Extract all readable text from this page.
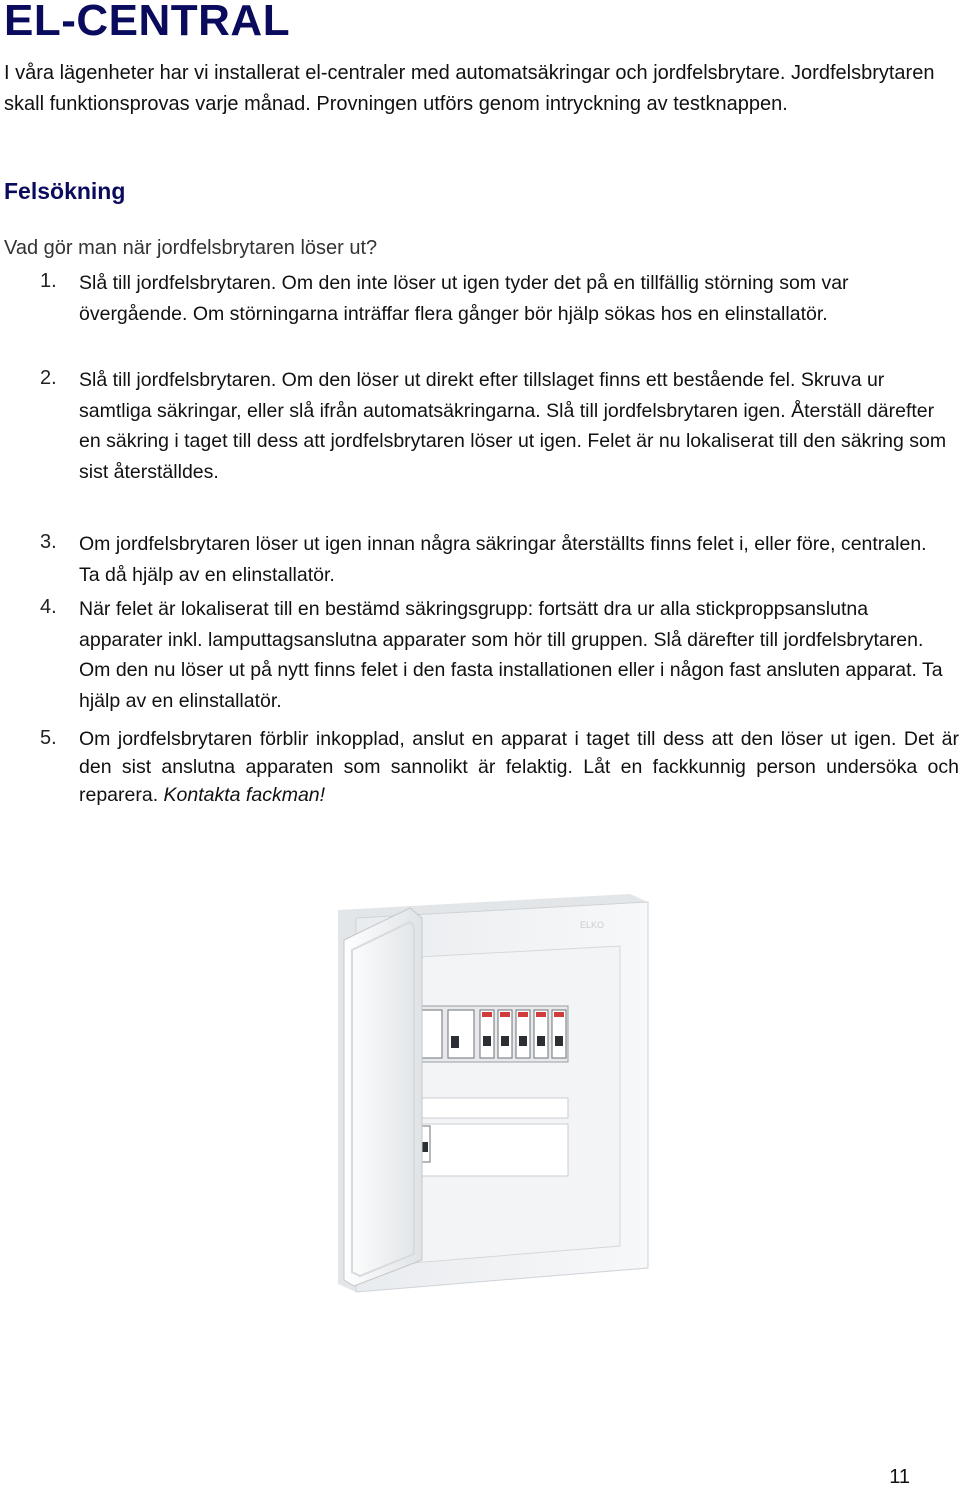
EL-CENTRAL

I våra lägenheter har vi installerat el-centraler med automatsäkringar och jordfelsbrytare. Jordfelsbrytaren skall funktionsprovas varje månad. Provningen utförs genom intryckning av testknappen.

Felsökning

Vad gör man när jordfelsbrytaren löser ut?

1. Slå till jordfelsbrytaren. Om den inte löser ut igen tyder det på en tillfällig störning som var övergående. Om störningarna inträffar flera gånger bör hjälp sökas hos en elinstallatör.
2. Slå till jordfelsbrytaren. Om den löser ut direkt efter tillslaget finns ett bestående fel. Skruva ur samtliga säkringar, eller slå ifrån automatsäkringarna. Slå till jordfelsbrytaren igen. Återställ därefter en säkring i taget till dess att jordfelsbrytaren löser ut igen. Felet är nu lokaliserat till den säkring som sist återställdes.
3. Om jordfelsbrytaren löser ut igen innan några säkringar återställts finns felet i, eller före, centralen. Ta då hjälp av en elinstallatör.
4. När felet är lokaliserat till en bestämd säkringsgrupp: fortsätt dra ur alla stickproppsanslutna apparater inkl. lamputtagsanslutna apparater som hör till gruppen. Slå därefter till jordfelsbrytaren. Om den nu löser ut på nytt finns felet i den fasta installationen eller i någon fast ansluten apparat. Ta hjälp av en elinstallatör.
5. Om jordfelsbrytaren förblir inkopplad, anslut en apparat i taget till dess att den löser ut igen. Det är den sist anslutna apparaten som sannolikt är felaktig. Låt en fackkunnig person undersöka och reparera. Kontakta fackman!
ELKO
11
